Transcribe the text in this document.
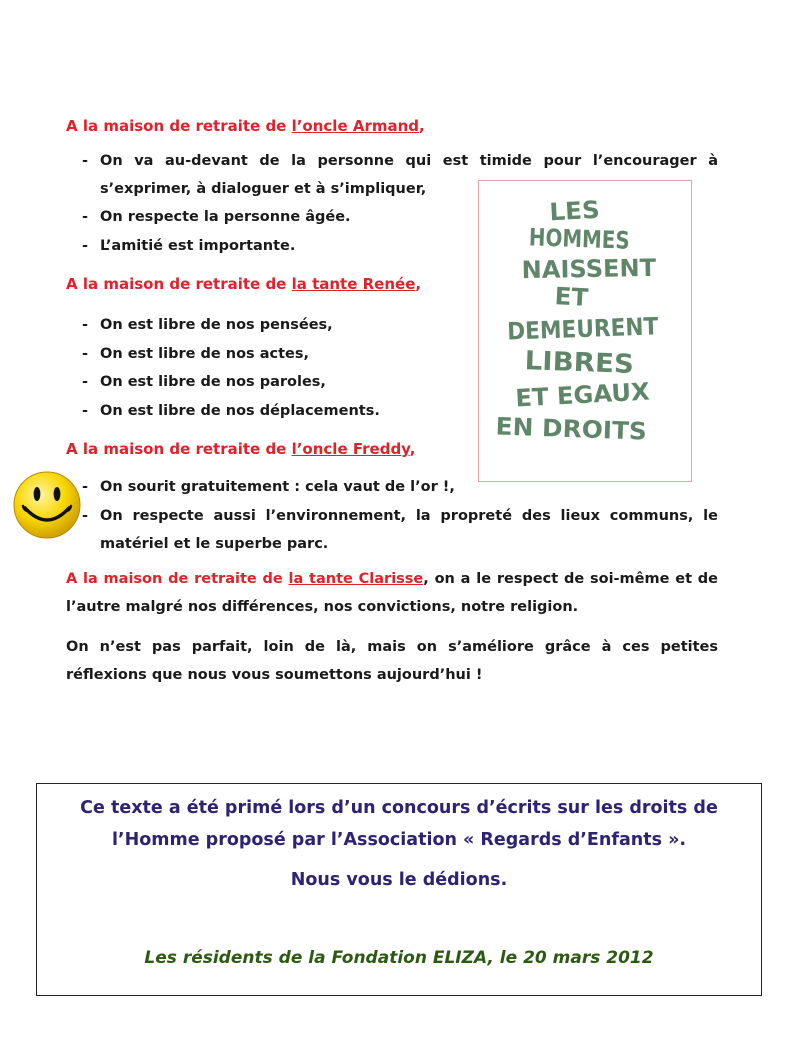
A la maison de retraite de l’oncle Armand,

- On va au-devant de la personne qui est timide pour l’encourager à s’exprimer, à dialoguer et à s’impliquer,
- On respecte la personne âgée.
- L’amitié est importante.

A la maison de retraite de la tante Renée,

- On est libre de nos pensées,
- On est libre de nos actes,
- On est libre de nos paroles,
- On est libre de nos déplacements.

A la maison de retraite de l’oncle Freddy,

- On sourit gratuitement : cela vaut de l’or !,
- On respecte aussi l’environnement, la propreté des lieux communs, le matériel et le superbe parc.

A la maison de retraite de la tante Clarisse, on a le respect de soi-même et de l’autre malgré nos différences, nos convictions, notre religion.

On n’est pas parfait, loin de là, mais on s’améliore grâce à ces petites réflexions que nous vous soumettons aujourd’hui !

LES
HOMMES
NAISSENT
ET
DEMEURENT
LIBRES
ET EGAUX
EN DROITS

Ce texte a été primé lors d’un concours d’écrits sur les droits de

l’Homme proposé par l’Association « Regards d’Enfants ».

Nous vous le dédions.

Les résidents de la Fondation ELIZA, le 20 mars 2012
